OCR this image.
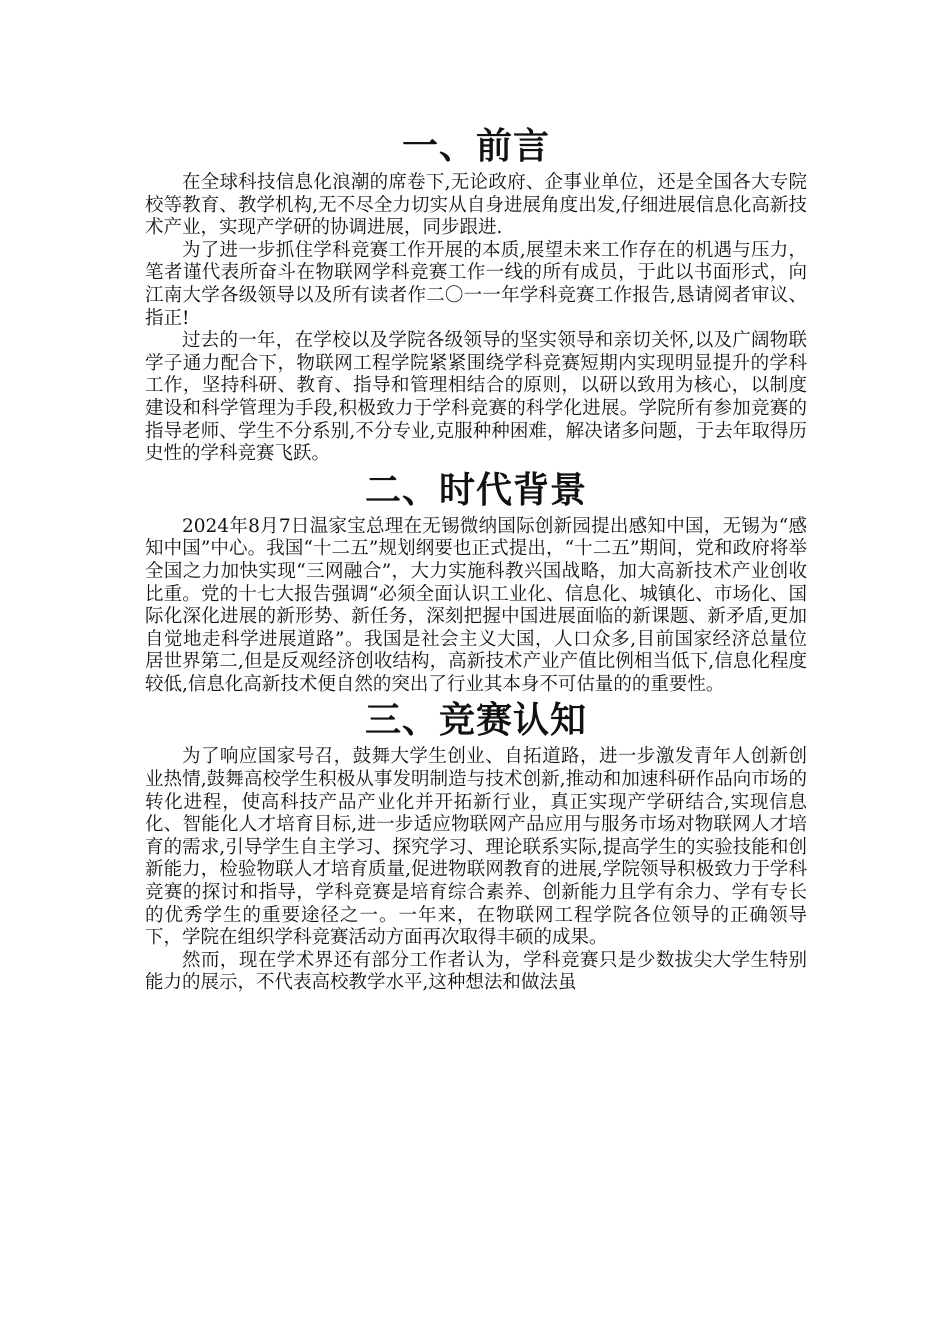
一、前言

在全球科技信息化浪潮的席卷下,无论政府、企事业单位，还是全国各大专院校等教育、教学机构,无不尽全力切实从自身进展角度出发,仔细进展信息化高新技术产业，实现产学研的协调进展，同步跟进.

为了进一步抓住学科竞赛工作开展的本质,展望未来工作存在的机遇与压力，笔者谨代表所奋斗在物联网学科竞赛工作一线的所有成员，于此以书面形式，向江南大学各级领导以及所有读者作二〇一一年学科竞赛工作报告,恳请阅者审议、指正!

过去的一年，在学校以及学院各级领导的坚实领导和亲切关怀,以及广阔物联学子通力配合下，物联网工程学院紧紧围绕学科竞赛短期内实现明显提升的学科工作，坚持科研、教育、指导和管理相结合的原则，以研以致用为核心，以制度建设和科学管理为手段,积极致力于学科竞赛的科学化进展。学院所有参加竞赛的指导老师、学生不分系别,不分专业,克服种种困难，解决诸多问题，于去年取得历史性的学科竞赛飞跃。

二、时代背景

2024年8月7日温家宝总理在无锡微纳国际创新园提出感知中国，无锡为“感知中国”中心。我国“十二五”规划纲要也正式提出，“十二五”期间，党和政府将举全国之力加快实现“三网融合”，大力实施科教兴国战略，加大高新技术产业创收比重。党的十七大报告强调“必须全面认识工业化、信息化、城镇化、市场化、国际化深化进展的新形势、新任务，深刻把握中国进展面临的新课题、新矛盾,更加自觉地走科学进展道路”。我国是社会主义大国，人口众多,目前国家经济总量位居世界第二,但是反观经济创收结构，高新技术产业产值比例相当低下,信息化程度较低,信息化高新技术便自然的突出了行业其本身不可估量的的重要性。

三、竞赛认知

为了响应国家号召，鼓舞大学生创业、自拓道路，进一步激发青年人创新创业热情,鼓舞高校学生积极从事发明制造与技术创新,推动和加速科研作品向市场的转化进程，使高科技产品产业化并开拓新行业，真正实现产学研结合,实现信息化、智能化人才培育目标,进一步适应物联网产品应用与服务市场对物联网人才培育的需求,引导学生自主学习、探究学习、理论联系实际,提高学生的实验技能和创新能力，检验物联人才培育质量,促进物联网教育的进展,学院领导积极致力于学科竞赛的探讨和指导，学科竞赛是培育综合素养、创新能力且学有余力、学有专长的优秀学生的重要途径之一。一年来，在物联网工程学院各位领导的正确领导下，学院在组织学科竞赛活动方面再次取得丰硕的成果。

然而，现在学术界还有部分工作者认为，学科竞赛只是少数拔尖大学生特别能力的展示，不代表高校教学水平,这种想法和做法虽
